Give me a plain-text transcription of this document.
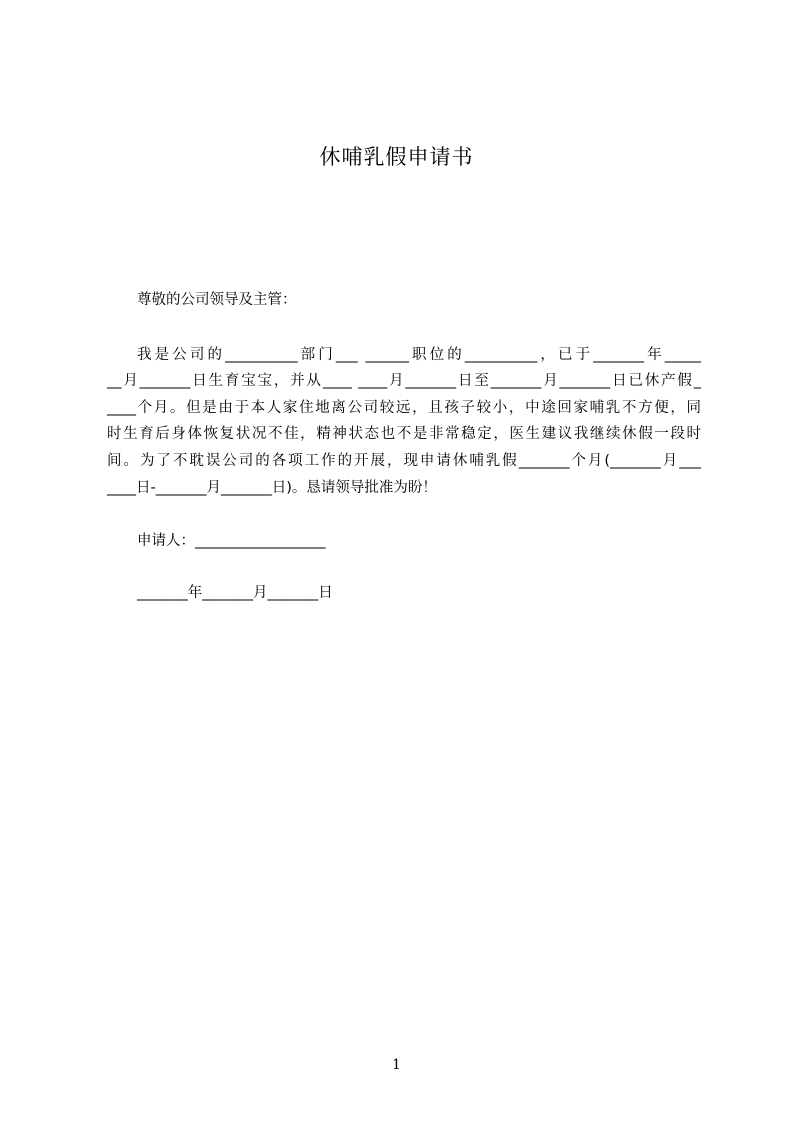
休哺乳假申请书
尊敬的公司领导及主管：
我是公司的__________部门___ ______职位的__________，已于_______年_____
__月_______日生育宝宝，并从____ ____月_______日至_______月_______日已休产假_
____个月。但是由于本人家住地离公司较远，且孩子较小，中途回家哺乳不方便，同
时生育后身体恢复状况不佳，精神状态也不是非常稳定，医生建议我继续休假一段时
间。为了不耽误公司的各项工作的开展，现申请休哺乳假_______个月(_______月___
____日-_______月_______日)。恳请领导批准为盼！
申请人：__________________
_______年_______月_______日
1
